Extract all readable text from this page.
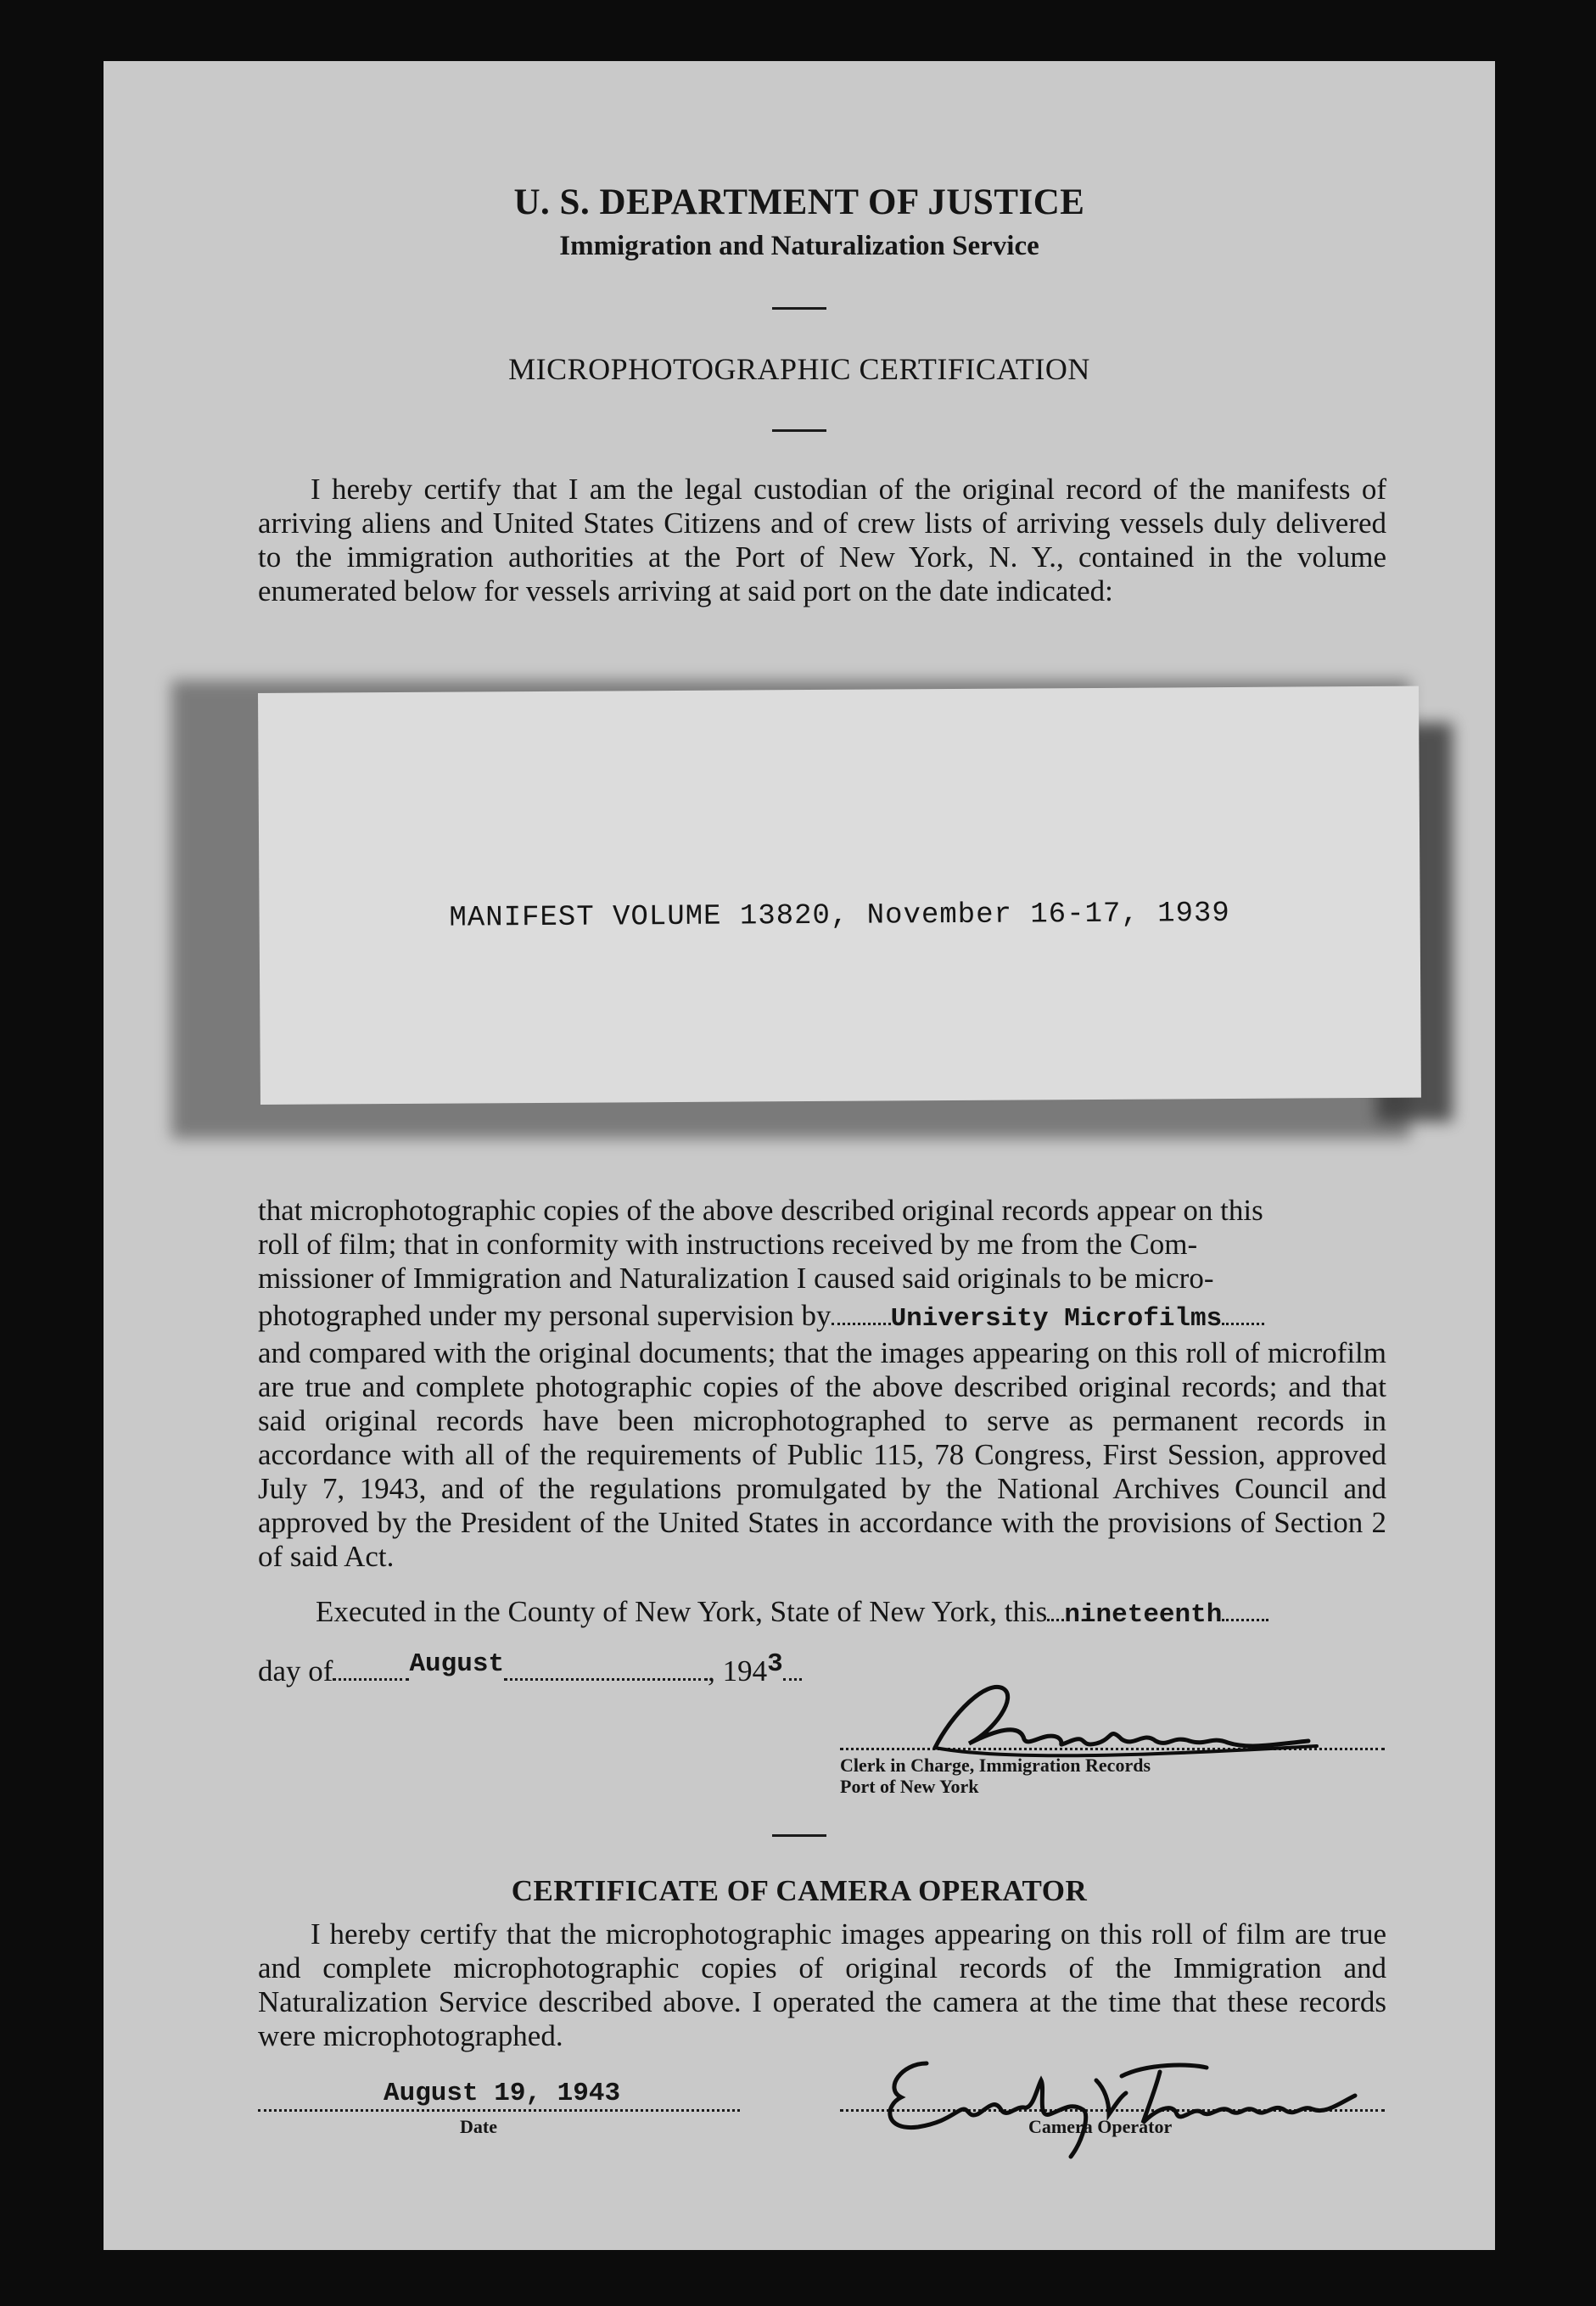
U. S. DEPARTMENT OF JUSTICE
Immigration and Naturalization Service
MICROPHOTOGRAPHIC CERTIFICATION
I hereby certify that I am the legal custodian of the original record of the manifests of arriving aliens and United States Citizens and of crew lists of arriving vessels duly delivered to the immigration authorities at the Port of New York, N. Y., contained in the volume enumerated below for vessels arriving at said port on the date indicated:
MANIFEST VOLUME 13820, November 16-17, 1939
that microphotographic copies of the above described original records appear on this
roll of film; that in conformity with instructions received by me from the Com-
missioner of Immigration and Naturalization I caused said originals to be micro-
photographed under my personal supervision by University Microfilms
and compared with the original documents; that the images appearing on this roll of microfilm are true and complete photographic copies of the above described original records; and that said original records have been microphotographed to serve as permanent records in accordance with all of the requirements of Public 115, 78 Congress, First Session, approved July 7, 1943, and of the regulations promulgated by the National Archives Council and approved by the President of the United States in accordance with the provisions of Section 2 of said Act.
Executed in the County of New York, State of New York, this nineteenth
day of	August	, 1943
Clerk in Charge, Immigration Records
Port of New York
CERTIFICATE OF CAMERA OPERATOR
I hereby certify that the microphotographic images appearing on this roll of film are true and complete microphotographic copies of original records of the Immigration and Naturalization Service described above. I operated the camera at the time that these records were microphotographed.
August 19, 1943
Date	Camera Operator
